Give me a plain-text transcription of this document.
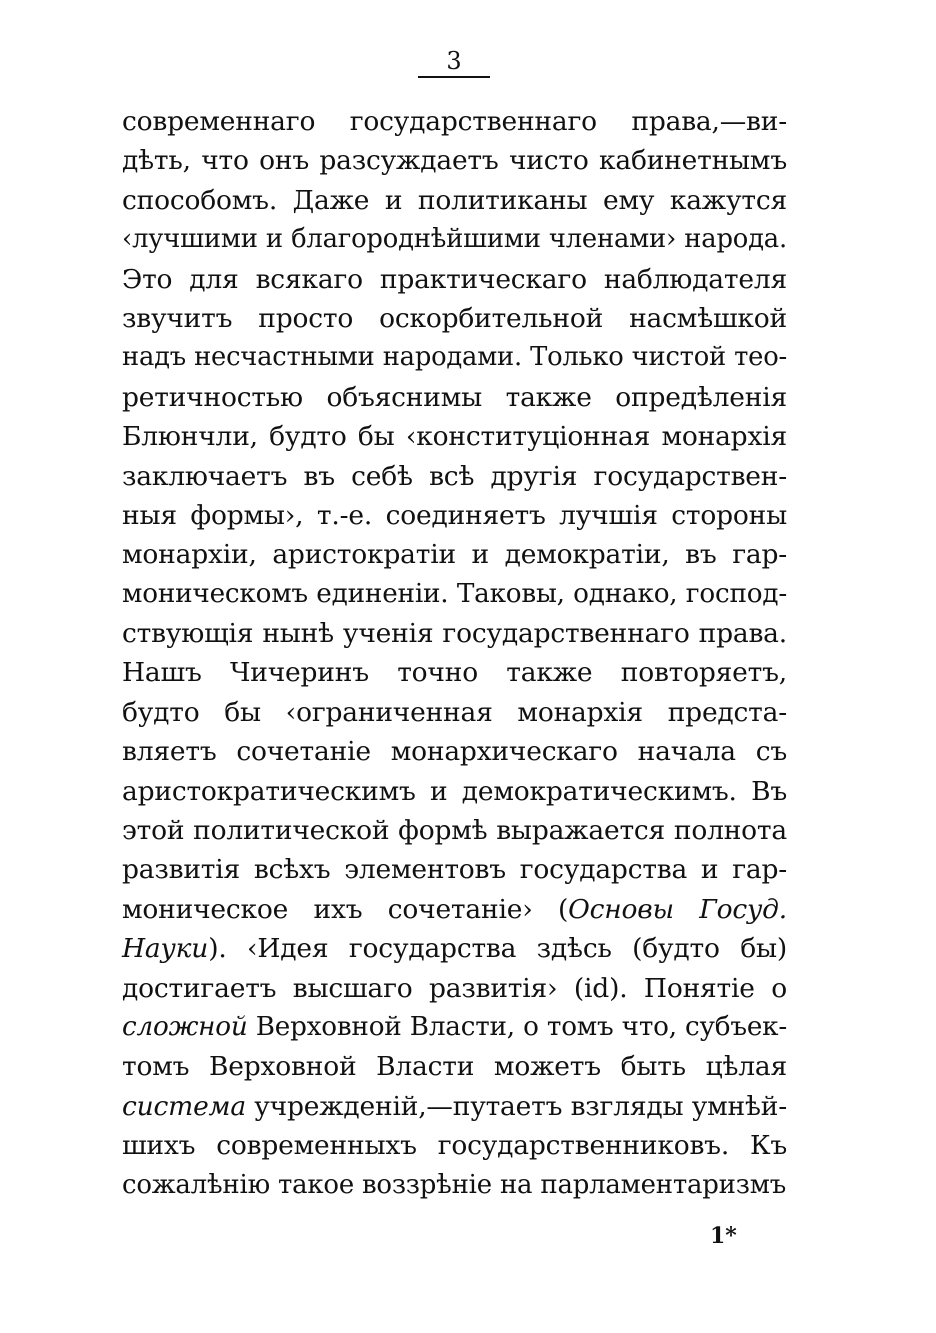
3
современнаго государственнаго права,—ви-
дѣть, что онъ разсуждаетъ чисто кабинетнымъ
способомъ. Даже и политиканы ему кажутся
‹лучшими и благороднѣйшими членами› народа.
Это для всякаго практическаго наблюдателя
звучитъ просто оскорбительной насмѣшкой
надъ несчастными народами. Только чистой тео-
ретичностью объяснимы также опредѣленія
Блюнчли, будто бы ‹конституціонная монархія
заключаетъ въ себѣ всѣ другія государствен-
ныя формы›, т.-е. соединяетъ лучшія стороны
монархіи, аристократіи и демократіи, въ гар-
моническомъ единеніи. Таковы, однако, господ-
ствующія нынѣ ученія государственнаго права.
Нашъ Чичеринъ точно также повторяетъ,
будто бы ‹ограниченная монархія предста-
вляетъ сочетаніе монархическаго начала съ
аристократическимъ и демократическимъ. Въ
этой политической формѣ выражается полнота
развитія всѣхъ элементовъ государства и гар-
моническое ихъ сочетаніе› (Основы Госуд.
Науки). ‹Идея государства здѣсь (будто бы)
достигаетъ высшаго развитія› (id). Понятіе о
сложной Верховной Власти, о томъ что, субъек-
томъ Верховной Власти можетъ быть цѣлая
система учрежденій,—путаетъ взгляды умнѣй-
шихъ современныхъ государственниковъ. Къ
сожалѣнію такое воззрѣніе на парламентаризмъ
1*
